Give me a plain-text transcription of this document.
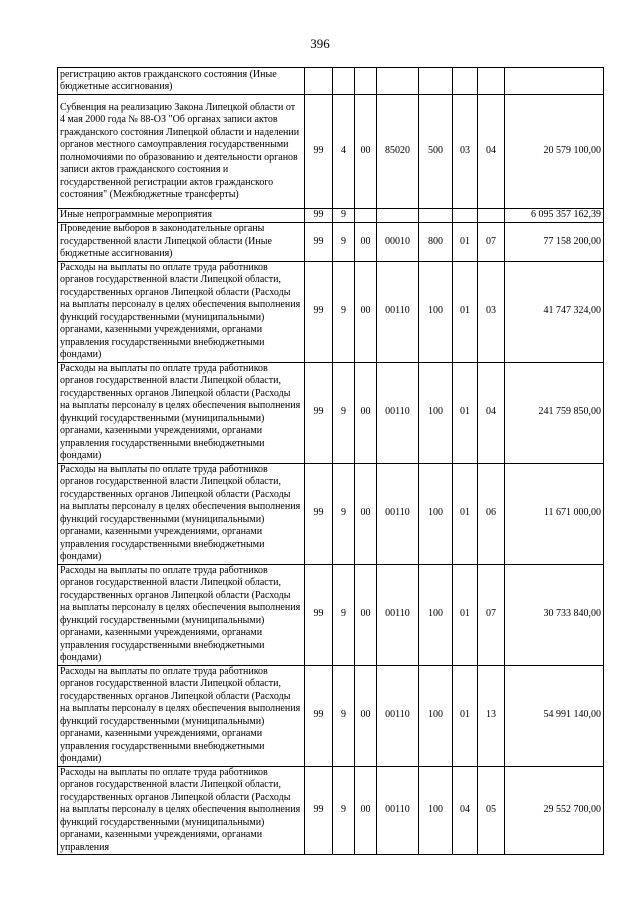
396
регистрацию актов гражданского состояния (Иные бюджетные ассигнования)								
Субвенция на реализацию Закона Липецкой области от 4 мая 2000 года № 88-ОЗ "Об органах записи актов гражданского состояния Липецкой области и наделении органов местного самоуправления государственными полномочиями по образованию и деятельности органов записи актов гражданского состояния и государственной регистрации актов гражданского состояния" (Межбюджетные трансферты)	99	4	00	85020	500	03	04	20 579 100,00
Иные непрограммные мероприятия	99	9						6 095 357 162,39
Проведение выборов в законодательные органы государственной власти Липецкой области (Иные бюджетные ассигнования)	99	9	00	00010	800	01	07	77 158 200,00
Расходы на выплаты по оплате труда работников органов государственной власти Липецкой области, государственных органов Липецкой области (Расходы на выплаты персоналу в целях обеспечения выполнения функций государственными (муниципальными) органами, казенными учреждениями, органами управления государственными внебюджетными фондами)	99	9	00	00110	100	01	03	41 747 324,00
Расходы на выплаты по оплате труда работников органов государственной власти Липецкой области, государственных органов Липецкой области (Расходы на выплаты персоналу в целях обеспечения выполнения функций государственными (муниципальными) органами, казенными учреждениями, органами управления государственными внебюджетными фондами)	99	9	00	00110	100	01	04	241 759 850,00
Расходы на выплаты по оплате труда работников органов государственной власти Липецкой области, государственных органов Липецкой области (Расходы на выплаты персоналу в целях обеспечения выполнения функций государственными (муниципальными) органами, казенными учреждениями, органами управления государственными внебюджетными фондами)	99	9	00	00110	100	01	06	11 671 000,00
Расходы на выплаты по оплате труда работников органов государственной власти Липецкой области, государственных органов Липецкой области (Расходы на выплаты персоналу в целях обеспечения выполнения функций государственными (муниципальными) органами, казенными учреждениями, органами управления государственными внебюджетными фондами)	99	9	00	00110	100	01	07	30 733 840,00
Расходы на выплаты по оплате труда работников органов государственной власти Липецкой области, государственных органов Липецкой области (Расходы на выплаты персоналу в целях обеспечения выполнения функций государственными (муниципальными) органами, казенными учреждениями, органами управления государственными внебюджетными фондами)	99	9	00	00110	100	01	13	54 991 140,00
Расходы на выплаты по оплате труда работников органов государственной власти Липецкой области, государственных органов Липецкой области (Расходы на выплаты персоналу в целях обеспечения выполнения функций государственными (муниципальными) органами, казенными учреждениями, органами управления	99	9	00	00110	100	04	05	29 552 700,00
